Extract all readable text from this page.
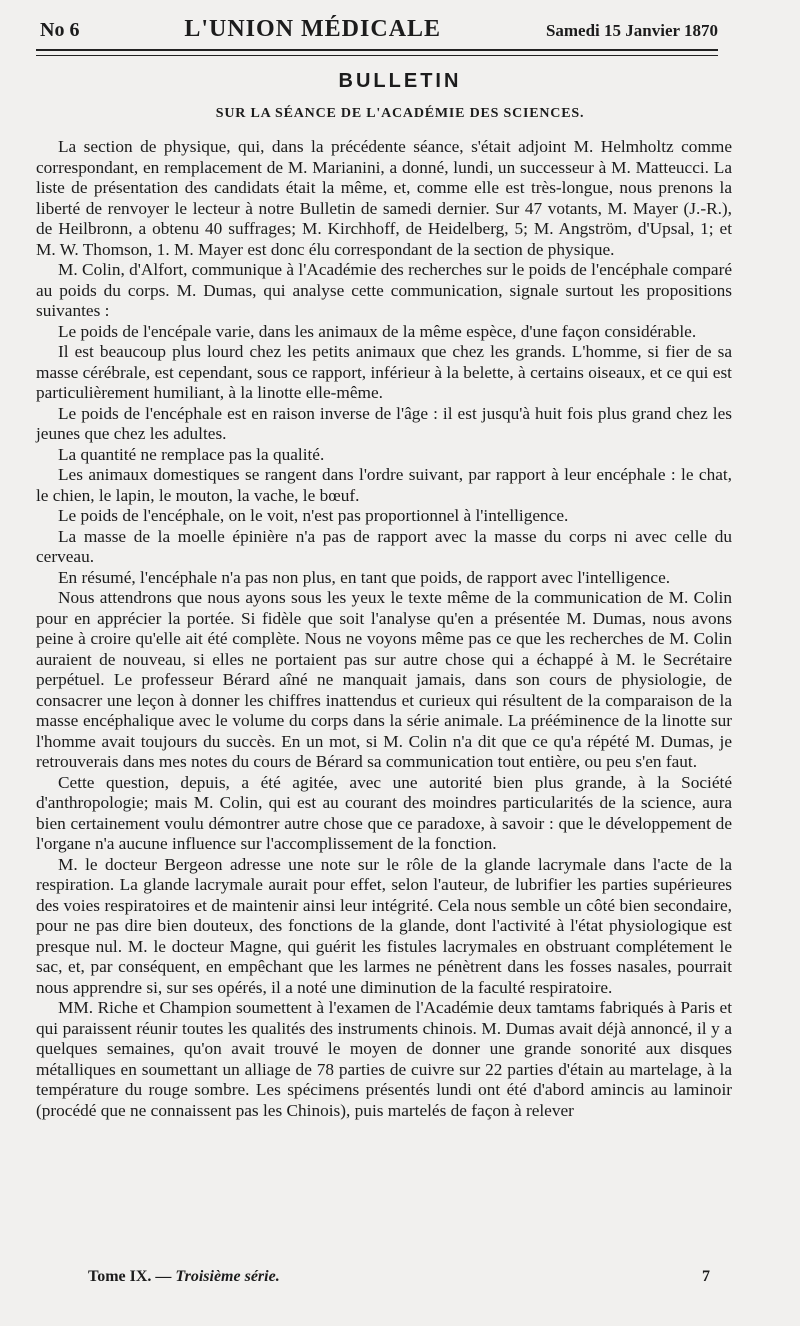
No 6	L'UNION MÉDICALE	Samedi 15 Janvier 1870
BULLETIN
SUR LA SÉANCE DE L'ACADÉMIE DES SCIENCES.

La section de physique, qui, dans la précédente séance, s'était adjoint M. Helmholtz comme correspondant, en remplacement de M. Marianini, a donné, lundi, un successeur à M. Matteucci. La liste de présentation des candidats était la même, et, comme elle est très-longue, nous prenons la liberté de renvoyer le lecteur à notre Bulletin de samedi dernier. Sur 47 votants, M. Mayer (J.-R.), de Heilbronn, a obtenu 40 suffrages; M. Kirchhoff, de Heidelberg, 5; M. Angström, d'Upsal, 1; et M. W. Thomson, 1. M. Mayer est donc élu correspondant de la section de physique.

M. Colin, d'Alfort, communique à l'Académie des recherches sur le poids de l'encéphale comparé au poids du corps. M. Dumas, qui analyse cette communication, signale surtout les propositions suivantes :

Le poids de l'encépale varie, dans les animaux de la même espèce, d'une façon considérable.

Il est beaucoup plus lourd chez les petits animaux que chez les grands. L'homme, si fier de sa masse cérébrale, est cependant, sous ce rapport, inférieur à la belette, à certains oiseaux, et ce qui est particulièrement humiliant, à la linotte elle-même.

Le poids de l'encéphale est en raison inverse de l'âge : il est jusqu'à huit fois plus grand chez les jeunes que chez les adultes.

La quantité ne remplace pas la qualité.

Les animaux domestiques se rangent dans l'ordre suivant, par rapport à leur encéphale : le chat, le chien, le lapin, le mouton, la vache, le bœuf.

Le poids de l'encéphale, on le voit, n'est pas proportionnel à l'intelligence.

La masse de la moelle épinière n'a pas de rapport avec la masse du corps ni avec celle du cerveau.

En résumé, l'encéphale n'a pas non plus, en tant que poids, de rapport avec l'intelligence.

Nous attendrons que nous ayons sous les yeux le texte même de la communication de M. Colin pour en apprécier la portée. Si fidèle que soit l'analyse qu'en a présentée M. Dumas, nous avons peine à croire qu'elle ait été complète. Nous ne voyons même pas ce que les recherches de M. Colin auraient de nouveau, si elles ne portaient pas sur autre chose qui a échappé à M. le Secrétaire perpétuel. Le professeur Bérard aîné ne manquait jamais, dans son cours de physiologie, de consacrer une leçon à donner les chiffres inattendus et curieux qui résultent de la comparaison de la masse encéphalique avec le volume du corps dans la série animale. La prééminence de la linotte sur l'homme avait toujours du succès. En un mot, si M. Colin n'a dit que ce qu'a répété M. Dumas, je retrouverais dans mes notes du cours de Bérard sa communication tout entière, ou peu s'en faut.

Cette question, depuis, a été agitée, avec une autorité bien plus grande, à la Société d'anthropologie; mais M. Colin, qui est au courant des moindres particularités de la science, aura bien certainement voulu démontrer autre chose que ce paradoxe, à savoir : que le développement de l'organe n'a aucune influence sur l'accomplissement de la fonction.

M. le docteur Bergeon adresse une note sur le rôle de la glande lacrymale dans l'acte de la respiration. La glande lacrymale aurait pour effet, selon l'auteur, de lubrifier les parties supérieures des voies respiratoires et de maintenir ainsi leur intégrité. Cela nous semble un côté bien secondaire, pour ne pas dire bien douteux, des fonctions de la glande, dont l'activité à l'état physiologique est presque nul. M. le docteur Magne, qui guérit les fistules lacrymales en obstruant complétement le sac, et, par conséquent, en empêchant que les larmes ne pénètrent dans les fosses nasales, pourrait nous apprendre si, sur ses opérés, il a noté une diminution de la faculté respiratoire.

MM. Riche et Champion soumettent à l'examen de l'Académie deux tamtams fabriqués à Paris et qui paraissent réunir toutes les qualités des instruments chinois. M. Dumas avait déjà annoncé, il y a quelques semaines, qu'on avait trouvé le moyen de donner une grande sonorité aux disques métalliques en soumettant un alliage de 78 parties de cuivre sur 22 parties d'étain au martelage, à la température du rouge sombre. Les spécimens présentés lundi ont été d'abord amincis au laminoir (procédé que ne connaissent pas les Chinois), puis martelés de façon à relever

Tome IX. — Troisième série.	7
